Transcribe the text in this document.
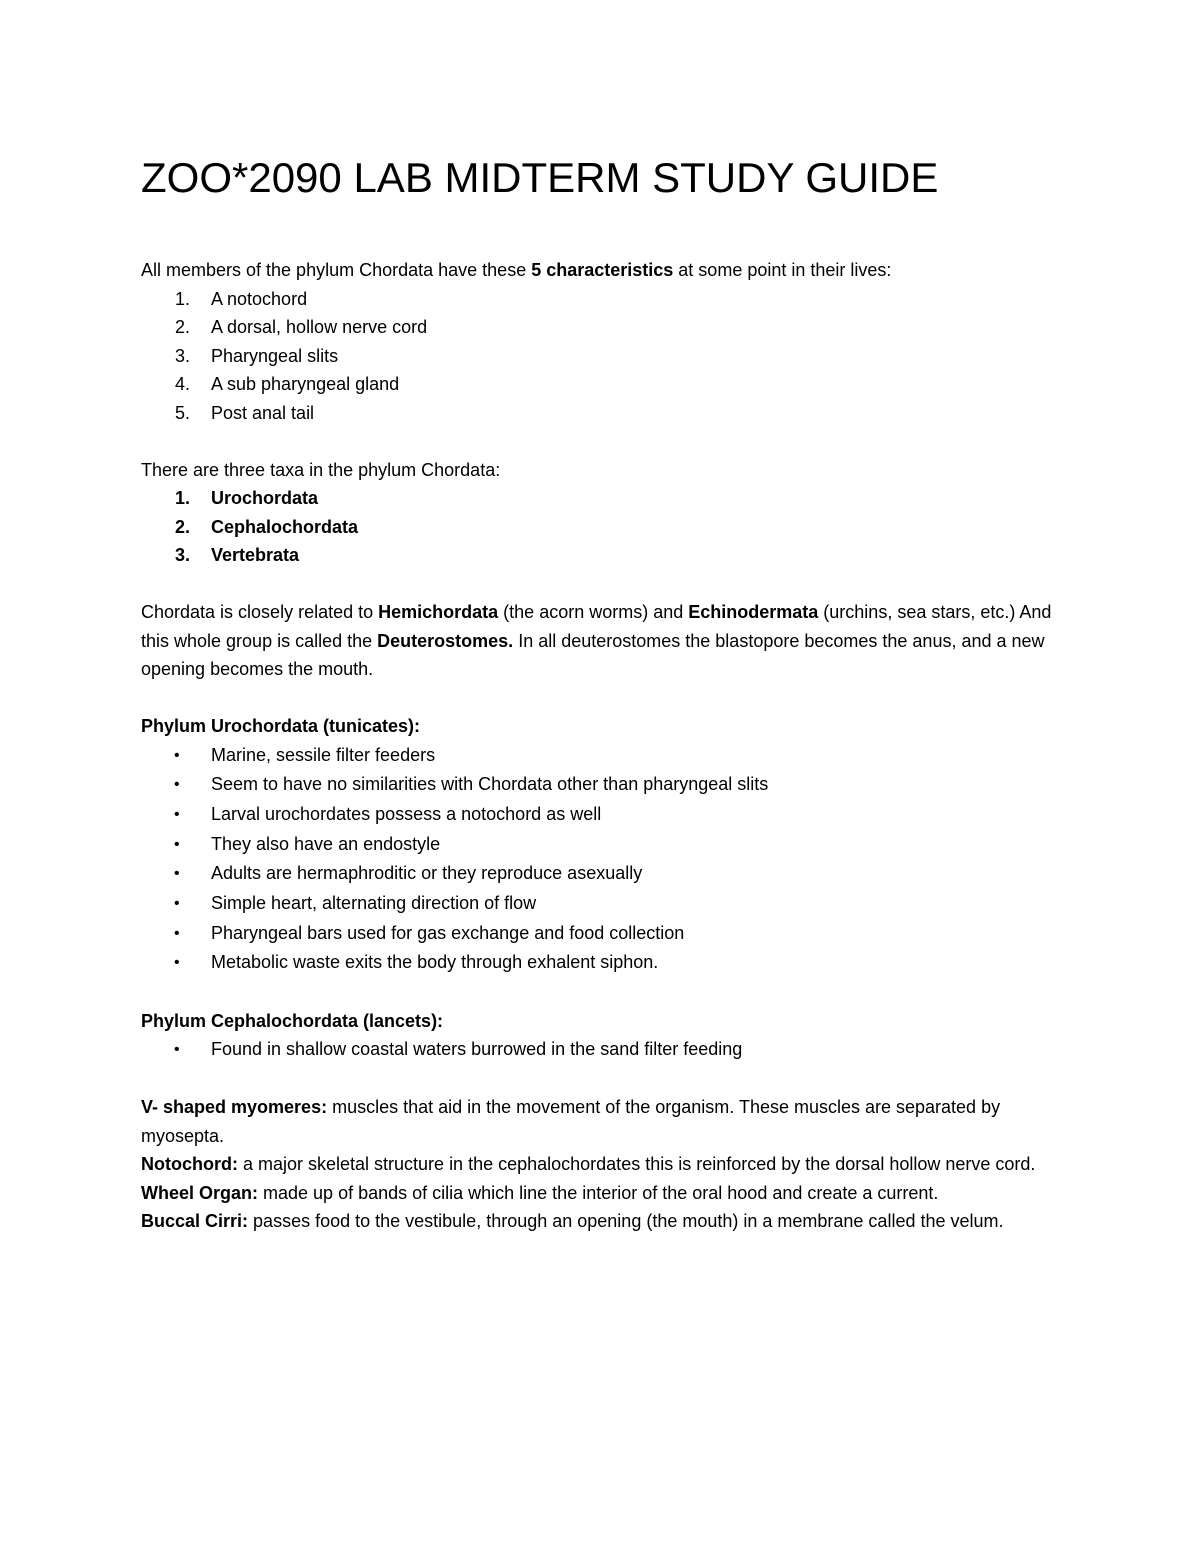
ZOO*2090 LAB MIDTERM STUDY GUIDE

All members of the phylum Chordata have these 5 characteristics at some point in their lives:

1. A notochord
2. A dorsal, hollow nerve cord
3. Pharyngeal slits
4. A sub pharyngeal gland
5. Post anal tail

There are three taxa in the phylum Chordata:

1. Urochordata
2. Cephalochordata
3. Vertebrata

Chordata is closely related to Hemichordata (the acorn worms) and Echinodermata (urchins, sea stars, etc.) And this whole group is called the Deuterostomes. In all deuterostomes the blastopore becomes the anus, and a new opening becomes the mouth.

Phylum Urochordata (tunicates):

• Marine, sessile filter feeders
• Seem to have no similarities with Chordata other than pharyngeal slits
• Larval urochordates possess a notochord as well
• They also have an endostyle
• Adults are hermaphroditic or they reproduce asexually
• Simple heart, alternating direction of flow
• Pharyngeal bars used for gas exchange and food collection
• Metabolic waste exits the body through exhalent siphon.

Phylum Cephalochordata (lancets):

• Found in shallow coastal waters burrowed in the sand filter feeding

V- shaped myomeres: muscles that aid in the movement of the organism. These muscles are separated by myosepta.

Notochord: a major skeletal structure in the cephalochordates this is reinforced by the dorsal hollow nerve cord.

Wheel Organ: made up of bands of cilia which line the interior of the oral hood and create a current.

Buccal Cirri: passes food to the vestibule, through an opening (the mouth) in a membrane called the velum.
